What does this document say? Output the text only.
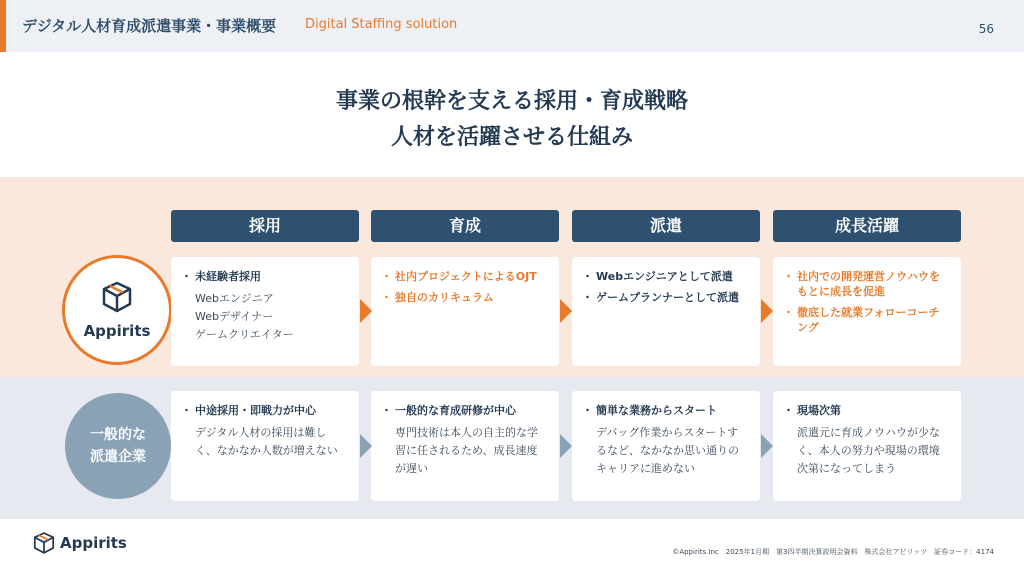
デジタル人材育成派遣事業・事業概要 Digital Staffing solution	56
事業の根幹を支える採用・育成戦略
人材を活躍させる仕組み
採用	育成	派遣	成長活躍
Appirits
・ 未経験者採用
Webエンジニア
Webデザイナー
ゲームクリエイター
・ 社内プロジェクトによるOJT
・ 独自のカリキュラム
・ Webエンジニアとして派遣
・ ゲームプランナーとして派遣
・ 社内での開発運営ノウハウをもとに成長を促進
・ 徹底した就業フォローコーチング
一般的な
派遣企業
・ 中途採用・即戦力が中心
デジタル人材の採用は難しく、なかなか人数が増えない
・ 一般的な育成研修が中心
専門技術は本人の自主的な学習に任されるため、成長速度が遅い
・ 簡単な業務からスタート
デバッグ作業からスタートするなど、なかなか思い通りのキャリアに進めない
・ 現場次第
派遣元に育成ノウハウが少なく、本人の努力や現場の環境次第になってしまう
Appirits	©Appirits.Inc　2025年1月期　第3四半期決算説明会資料　株式会社アピリッツ　証券コード：4174
